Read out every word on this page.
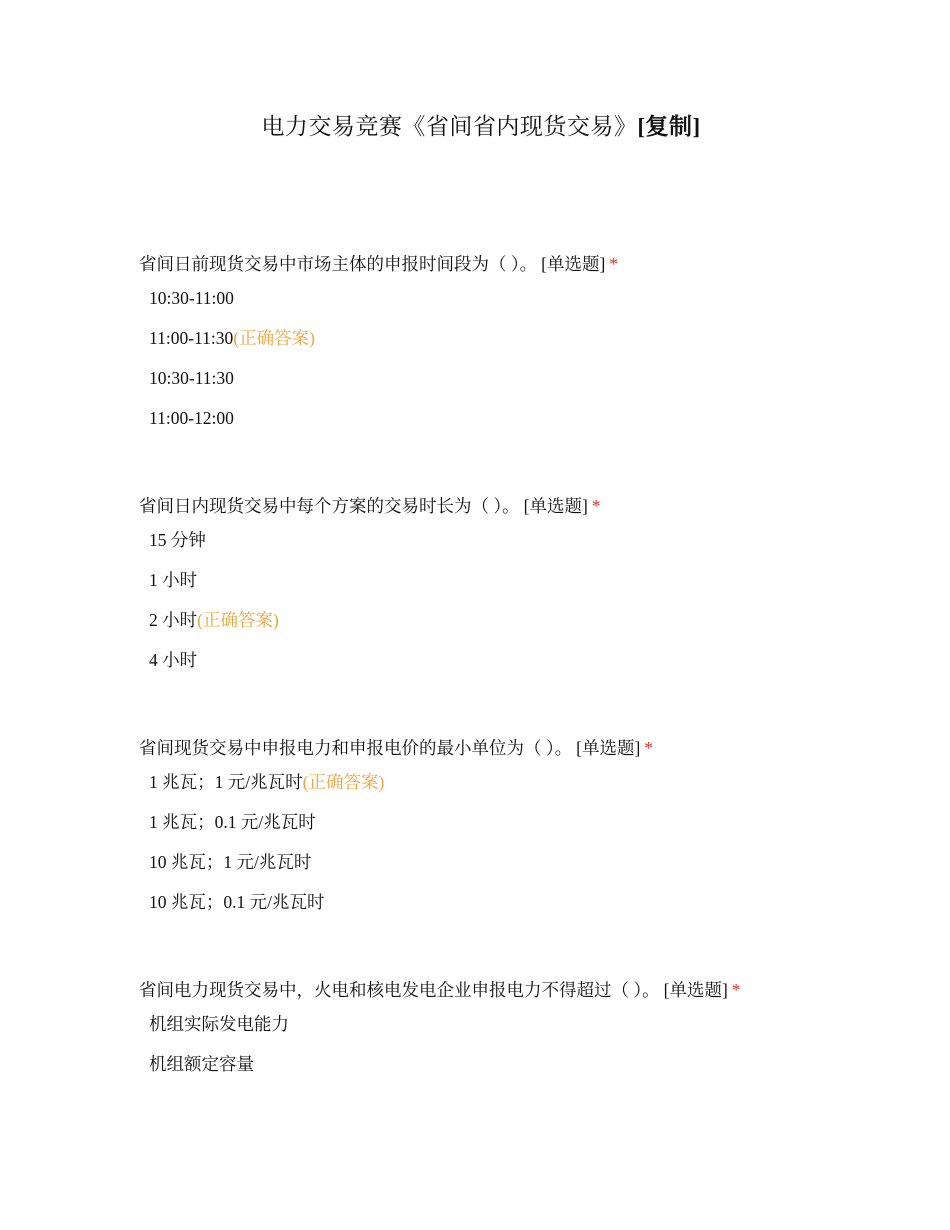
电力交易竞赛《省间省内现货交易》[复制]
省间日前现货交易中市场主体的申报时间段为（ ）。 [单选题] *
10:30-11:00
11:00-11:30(正确答案)
10:30-11:30
11:00-12:00
省间日内现货交易中每个方案的交易时长为（ ）。 [单选题] *
15 分钟
1 小时
2 小时(正确答案)
4 小时
省间现货交易中申报电力和申报电价的最小单位为（ ）。 [单选题] *
1 兆瓦；1 元/兆瓦时(正确答案)
1 兆瓦；0.1 元/兆瓦时
10 兆瓦；1 元/兆瓦时
10 兆瓦；0.1 元/兆瓦时
省间电力现货交易中，火电和核电发电企业申报电力不得超过（ ）。 [单选题] *
机组实际发电能力
机组额定容量
